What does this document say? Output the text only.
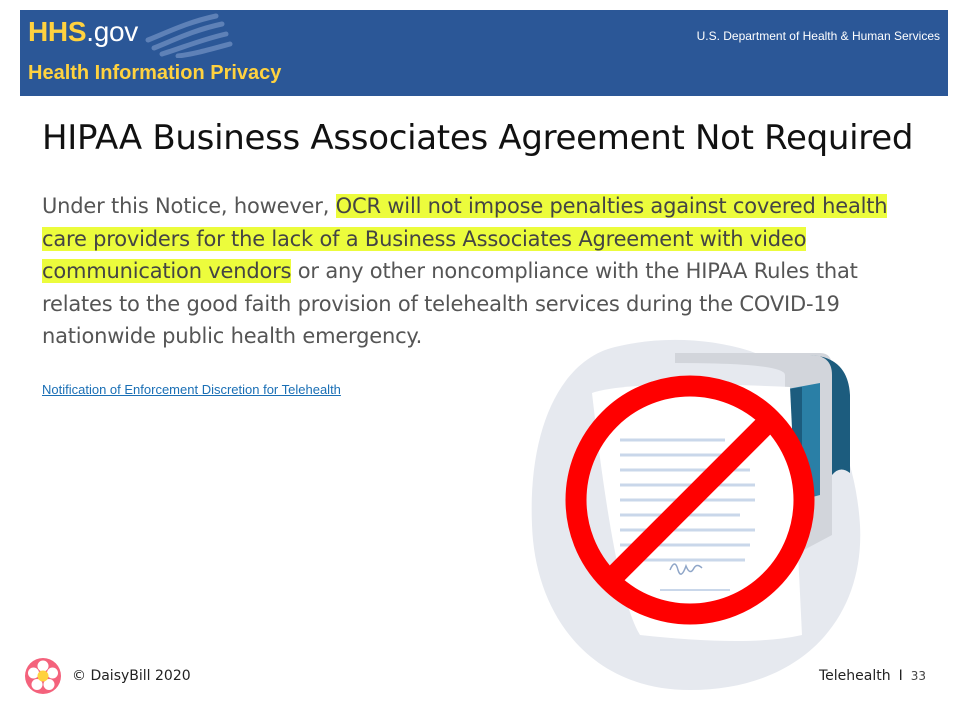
HHS.gov	U.S. Department of Health & Human Services
Health Information Privacy
HIPAA Business Associates Agreement Not Required

Under this Notice, however, OCR will not impose penalties against covered health care providers for the lack of a Business Associates Agreement with video communication vendors or any other noncompliance with the HIPAA Rules that relates to the good faith provision of telehealth services during the COVID-19 nationwide public health emergency.

Notification of Enforcement Discretion for Telehealth
© DaisyBill 2020	Telehealth I 33
